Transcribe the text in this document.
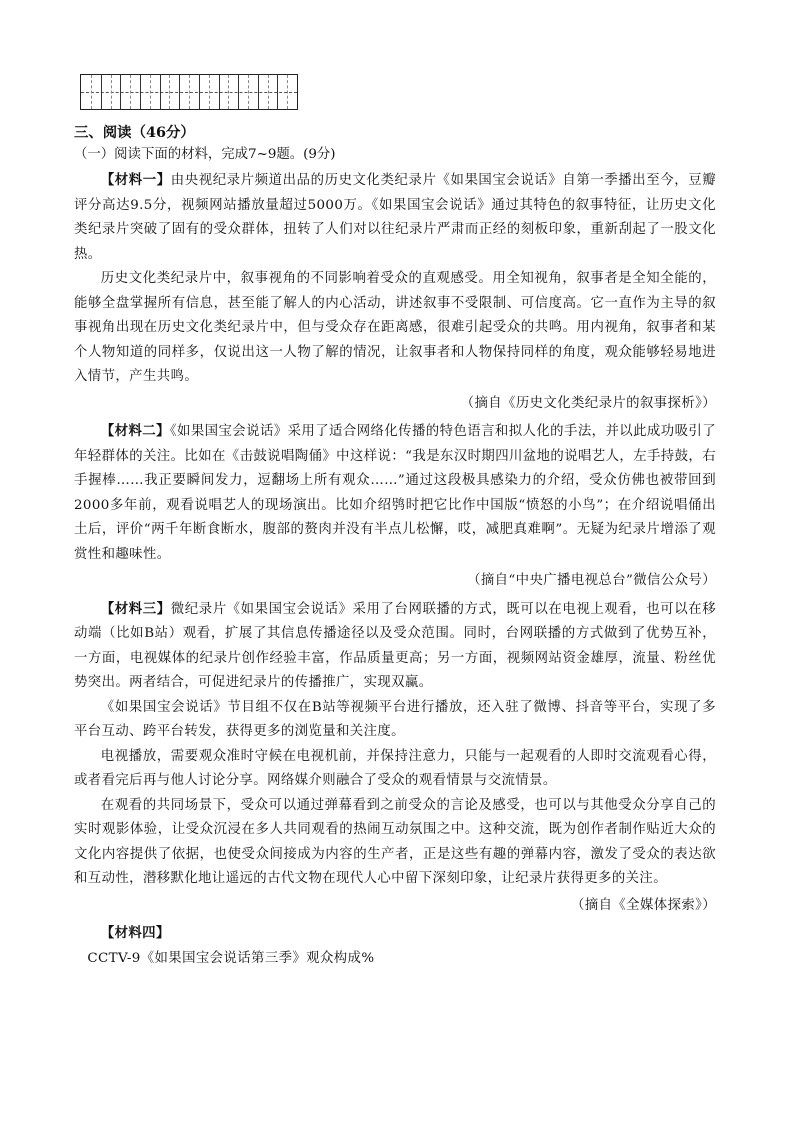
三、阅读（46分）
（一）阅读下面的材料，完成7~9题。(9分)

【材料一】由央视纪录片频道出品的历史文化类纪录片《如果国宝会说话》自第一季播出至今，豆瓣评分高达9.5分，视频网站播放量超过5000万。《如果国宝会说话》通过其特色的叙事特征，让历史文化类纪录片突破了固有的受众群体，扭转了人们对以往纪录片严肃而正经的刻板印象，重新刮起了一股文化热。

历史文化类纪录片中，叙事视角的不同影响着受众的直观感受。用全知视角，叙事者是全知全能的，能够全盘掌握所有信息，甚至能了解人的内心活动，讲述叙事不受限制、可信度高。它一直作为主导的叙事视角出现在历史文化类纪录片中，但与受众存在距离感，很难引起受众的共鸣。用内视角，叙事者和某个人物知道的同样多，仅说出这一人物了解的情况，让叙事者和人物保持同样的角度，观众能够轻易地进入情节，产生共鸣。

（摘自《历史文化类纪录片的叙事探析》）

【材料二】《如果国宝会说话》采用了适合网络化传播的特色语言和拟人化的手法，并以此成功吸引了年轻群体的关注。比如在《击鼓说唱陶俑》中这样说：“我是东汉时期四川盆地的说唱艺人，左手持鼓，右手握棒……我正要瞬间发力，逗翻场上所有观众……”通过这段极具感染力的介绍，受众仿佛也被带回到2000多年前，观看说唱艺人的现场演出。比如介绍鸮时把它比作中国版“愤怒的小鸟”；在介绍说唱俑出土后，评价“两千年断食断水，腹部的赘肉并没有半点儿松懈，哎，减肥真难啊”。无疑为纪录片增添了观赏性和趣味性。

（摘自“中央广播电视总台”微信公众号）

【材料三】微纪录片《如果国宝会说话》采用了台网联播的方式，既可以在电视上观看，也可以在移动端（比如B站）观看，扩展了其信息传播途径以及受众范围。同时，台网联播的方式做到了优势互补，一方面，电视媒体的纪录片创作经验丰富，作品质量更高；另一方面，视频网站资金雄厚，流量、粉丝优势突出。两者结合，可促进纪录片的传播推广，实现双赢。

《如果国宝会说话》节目组不仅在B站等视频平台进行播放，还入驻了微博、抖音等平台，实现了多平台互动、跨平台转发，获得更多的浏览量和关注度。

电视播放，需要观众准时守候在电视机前，并保持注意力，只能与一起观看的人即时交流观看心得，或者看完后再与他人讨论分享。网络媒介则融合了受众的观看情景与交流情景。

在观看的共同场景下，受众可以通过弹幕看到之前受众的言论及感受，也可以与其他受众分享自己的实时观影体验，让受众沉浸在多人共同观看的热闹互动氛围之中。这种交流，既为创作者制作贴近大众的文化内容提供了依据，也使受众间接成为内容的生产者，正是这些有趣的弹幕内容，激发了受众的表达欲和互动性，潜移默化地让遥远的古代文物在现代人心中留下深刻印象，让纪录片获得更多的关注。

（摘自《全媒体探索》）

【材料四】

CCTV-9《如果国宝会说话第三季》观众构成%
